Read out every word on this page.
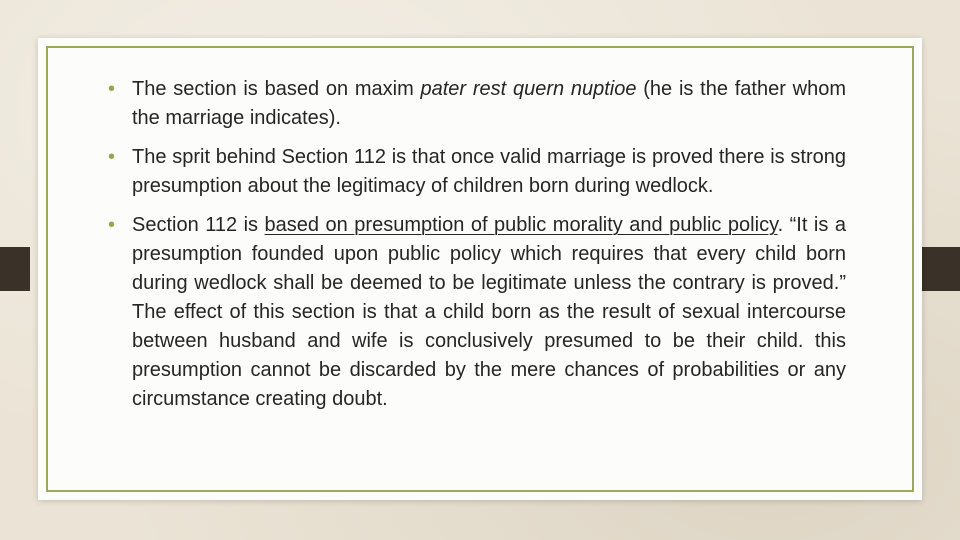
• The section is based on maxim pater rest quern nuptioe (he is the father whom the marriage indicates).
• The sprit behind Section 112 is that once valid marriage is proved there is strong presumption about the legitimacy of children born during wedlock.
• Section 112 is based on presumption of public morality and public policy. “It is a presumption founded upon public policy which requires that every child born during wedlock shall be deemed to be legitimate unless the contrary is proved.” The effect of this section is that a child born as the result of sexual intercourse between husband and wife is conclusively presumed to be their child. this presumption cannot be discarded by the mere chances of probabilities or any circumstance creating doubt.
